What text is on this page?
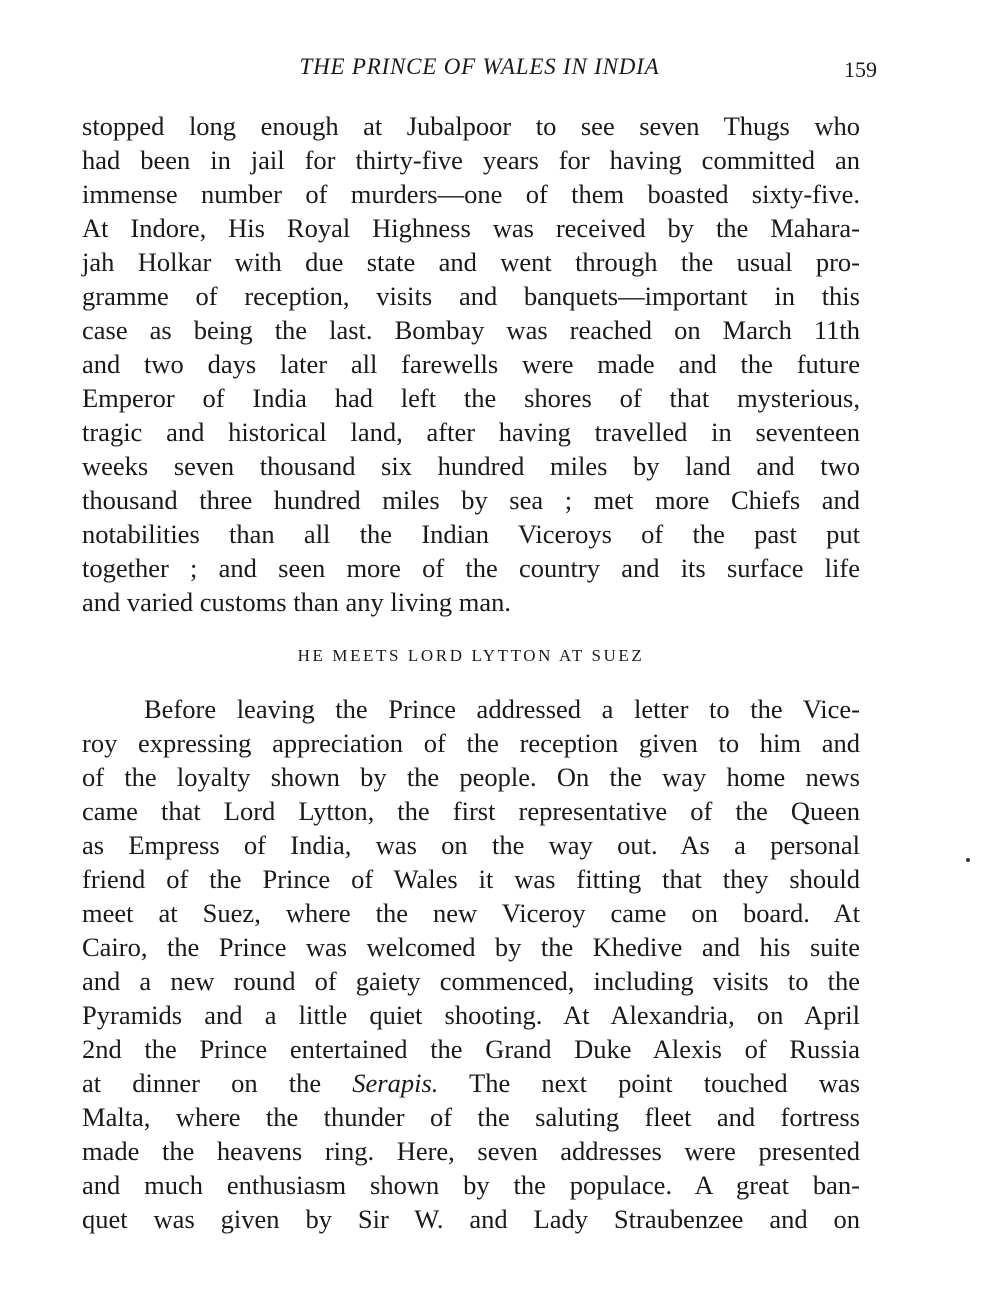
THE PRINCE OF WALES IN INDIA	159
stopped long enough at Jubalpoor to see seven Thugs who
had been in jail for thirty-five years for having committed an
immense number of murders—one of them boasted sixty-five.
At Indore, His Royal Highness was received by the Mahara-
jah Holkar with due state and went through the usual pro-
gramme of reception, visits and banquets—important in this
case as being the last. Bombay was reached on March 11th
and two days later all farewells were made and the future
Emperor of India had left the shores of that mysterious,
tragic and historical land, after having travelled in seventeen
weeks seven thousand six hundred miles by land and two
thousand three hundred miles by sea ; met more Chiefs and
notabilities than all the Indian Viceroys of the past put
together ; and seen more of the country and its surface life
and varied customs than any living man.
HE MEETS LORD LYTTON AT SUEZ
Before leaving the Prince addressed a letter to the Vice-
roy expressing appreciation of the reception given to him and
of the loyalty shown by the people. On the way home news
came that Lord Lytton, the first representative of the Queen
as Empress of India, was on the way out. As a personal
friend of the Prince of Wales it was fitting that they should
meet at Suez, where the new Viceroy came on board. At
Cairo, the Prince was welcomed by the Khedive and his suite
and a new round of gaiety commenced, including visits to the
Pyramids and a little quiet shooting. At Alexandria, on April
2nd the Prince entertained the Grand Duke Alexis of Russia
at dinner on the Serapis. The next point touched was
Malta, where the thunder of the saluting fleet and fortress
made the heavens ring. Here, seven addresses were presented
and much enthusiasm shown by the populace. A great ban-
quet was given by Sir W. and Lady Straubenzee and on
